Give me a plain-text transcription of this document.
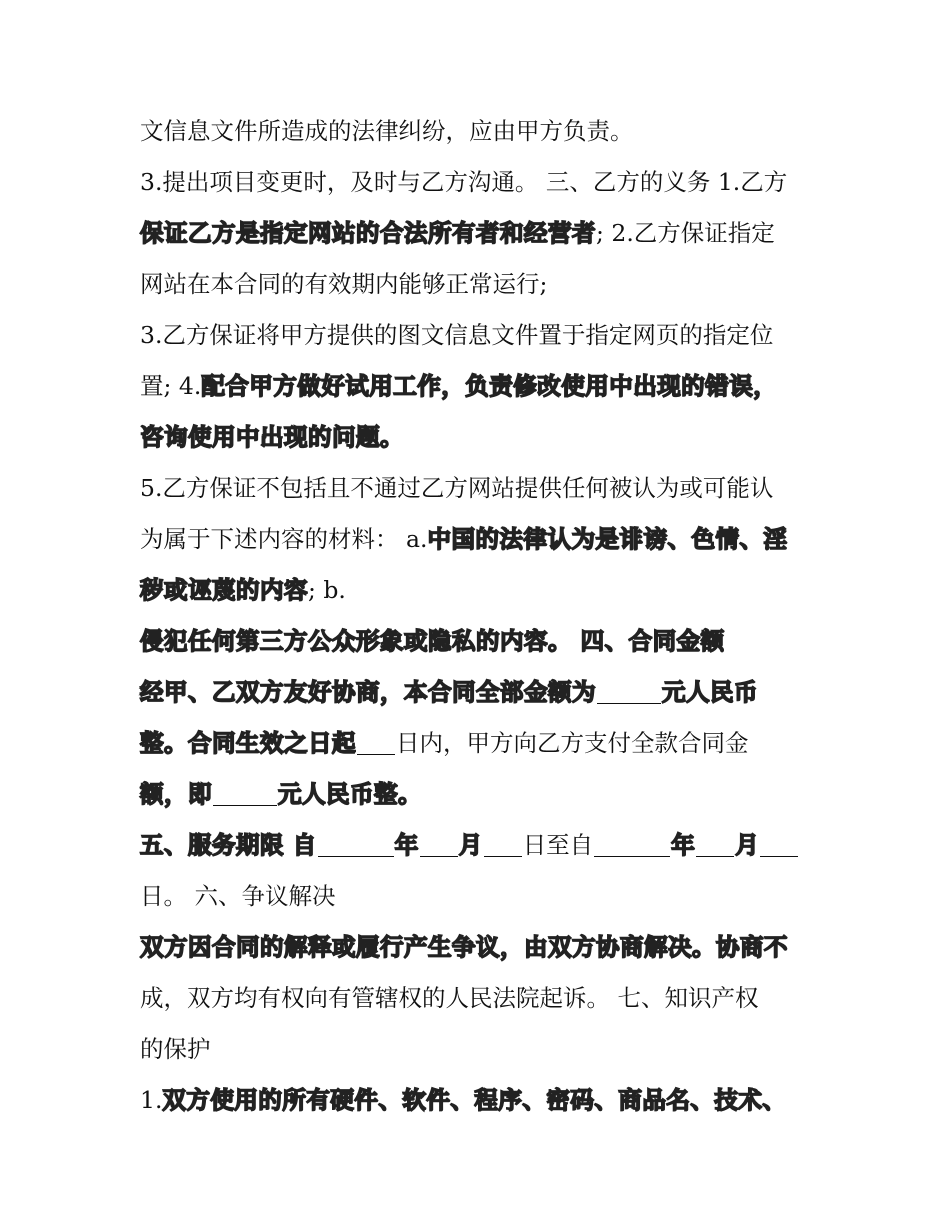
文信息文件所造成的法律纠纷，应由甲方负责。
3.提出项目变更时，及时与乙方沟通。 三、乙方的义务 1.乙方
保证乙方是指定网站的合法所有者和经营者; 2.乙方保证指定
网站在本合同的有效期内能够正常运行;
3.乙方保证将甲方提供的图文信息文件置于指定网页的指定位
置; 4.配合甲方做好试用工作，负责修改使用中出现的错误，
咨询使用中出现的问题。
5.乙方保证不包括且不通过乙方网站提供任何被认为或可能认
为属于下述内容的材料： a.中国的法律认为是诽谤、色情、淫
秽或诬蔑的内容; b.
侵犯任何第三方公众形象或隐私的内容。 四、合同金额
经甲、乙双方友好协商，本合同全部金额为	元人民币
整。合同生效之日起 日内，甲方向乙方支付全款合同金
额，即	元人民币整。
五、服务期限 自	年 月 日至自	年 月
日。 六、争议解决
双方因合同的解释或履行产生争议，由双方协商解决。协商不
成，双方均有权向有管辖权的人民法院起诉。 七、知识产权
的保护
1.双方使用的所有硬件、软件、程序、密码、商品名、技术、
